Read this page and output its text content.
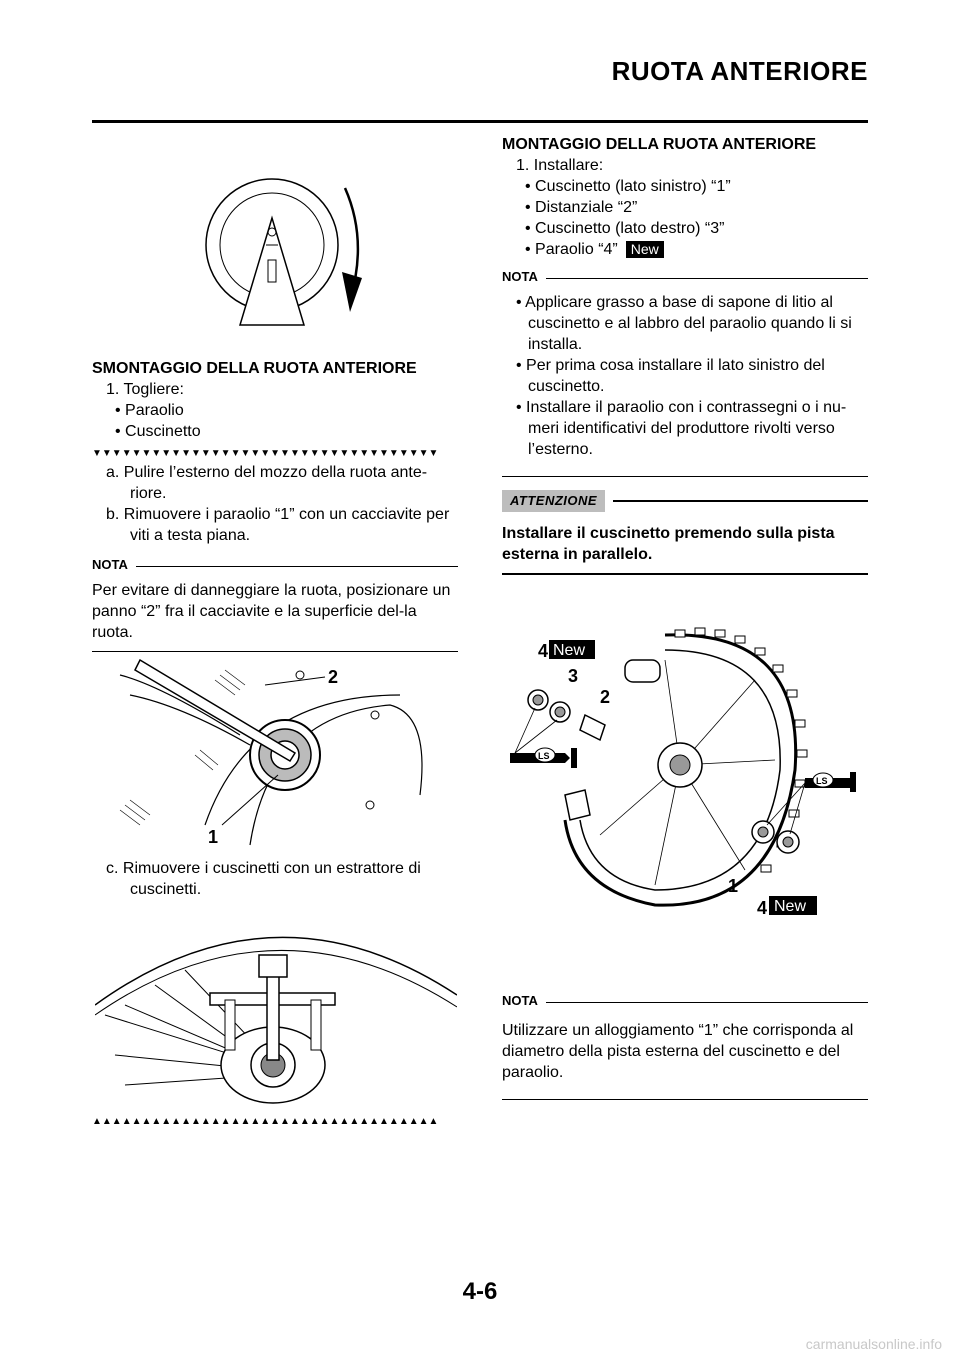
RUOTA ANTERIORE
SMONTAGGIO DELLA RUOTA ANTERIORE
1. Togliere:
• Paraolio
• Cuscinetto
▼▼▼▼▼▼▼▼▼▼▼▼▼▼▼▼▼▼▼▼▼▼▼▼▼▼▼▼▼▼▼▼▼▼▼
a. Pulire l’esterno del mozzo della ruota ante-riore.
b. Rimuovere i paraolio “1” con un cacciavite per viti a testa piana.
NOTA
Per evitare di danneggiare la ruota, posizionare un panno “2” fra il cacciavite e la superficie del-la ruota.
2
1
c. Rimuovere i cuscinetti con un estrattore di cuscinetti.
▲▲▲▲▲▲▲▲▲▲▲▲▲▲▲▲▲▲▲▲▲▲▲▲▲▲▲▲▲▲▲▲▲▲▲
MONTAGGIO DELLA RUOTA ANTERIORE
1. Installare:
• Cuscinetto (lato sinistro) “1”
• Distanziale “2”
• Cuscinetto (lato destro) “3”
• Paraolio “4” New
NOTA
• Applicare grasso a base di sapone di litio al cuscinetto e al labbro del paraolio quando li si installa.
• Per prima cosa installare il lato sinistro del cuscinetto.
• Installare il paraolio con i contrassegni o i nu-meri identificativi del produttore rivolti verso l’esterno.
ATTENZIONE
Installare il cuscinetto premendo sulla pista esterna in parallelo.
LS
LS
4 New
3
2
1
4 New
NOTA
Utilizzare un alloggiamento “1” che corrisponda al diametro della pista esterna del cuscinetto e del paraolio.
4-6
carmanualsonline.info
